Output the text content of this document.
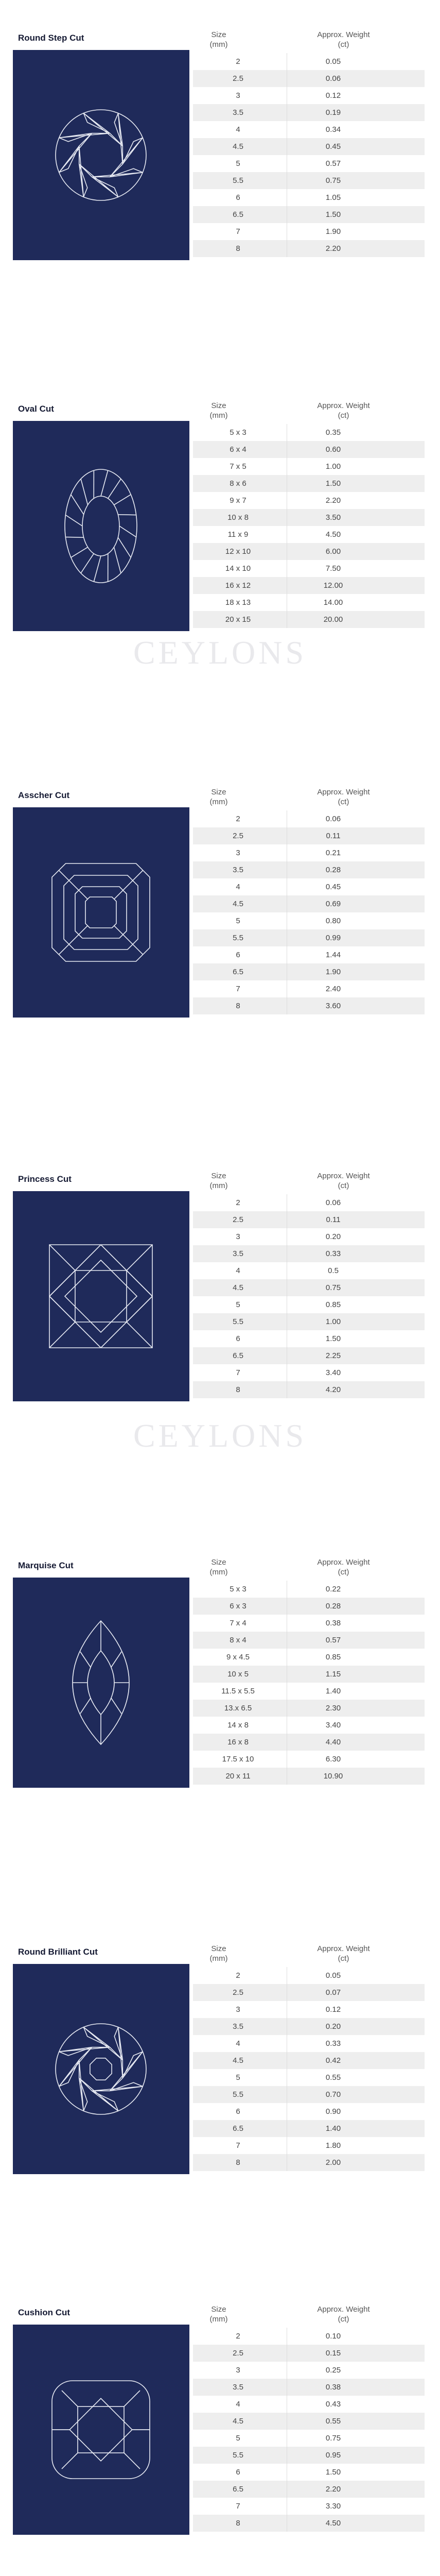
CEYLONS
CEYLONS
Round Step Cut	Size
(mm)
Approx. Weight
(ct)
2	0.05
2.5	0.06
3	0.12
3.5	0.19
4	0.34
4.5	0.45
5	0.57
5.5	0.75
6	1.05
6.5	1.50
7	1.90
8	2.20
Oval Cut	Size
(mm)
Approx. Weight
(ct)
5 x 3	0.35
6 x 4	0.60
7 x 5	1.00
8 x 6	1.50
9 x 7	2.20
10 x 8	3.50
11 x 9	4.50
12 x 10	6.00
14 x 10	7.50
16 x 12	12.00
18 x 13	14.00
20 x 15	20.00
Asscher Cut	Size
(mm)
Approx. Weight
(ct)
2	0.06
2.5	0.11
3	0.21
3.5	0.28
4	0.45
4.5	0.69
5	0.80
5.5	0.99
6	1.44
6.5	1.90
7	2.40
8	3.60
Princess Cut	Size
(mm)
Approx. Weight
(ct)
2	0.06
2.5	0.11
3	0.20
3.5	0.33
4	0.5
4.5	0.75
5	0.85
5.5	1.00
6	1.50
6.5	2.25
7	3.40
8	4.20
Marquise Cut	Size
(mm)
Approx. Weight
(ct)
5 x 3	0.22
6 x 3	0.28
7 x 4	0.38
8 x 4	0.57
9 x 4.5	0.85
10 x 5	1.15
11.5 x 5.5	1.40
13.x 6.5	2.30
14 x 8	3.40
16 x 8	4.40
17.5 x 10	6.30
20 x 11	10.90
Round Brilliant Cut	Size
(mm)
Approx. Weight
(ct)
2	0.05
2.5	0.07
3	0.12
3.5	0.20
4	0.33
4.5	0.42
5	0.55
5.5	0.70
6	0.90
6.5	1.40
7	1.80
8	2.00
Cushion Cut	Size
(mm)
Approx. Weight
(ct)
2	0.10
2.5	0.15
3	0.25
3.5	0.38
4	0.43
4.5	0.55
5	0.75
5.5	0.95
6	1.50
6.5	2.20
7	3.30
8	4.50
